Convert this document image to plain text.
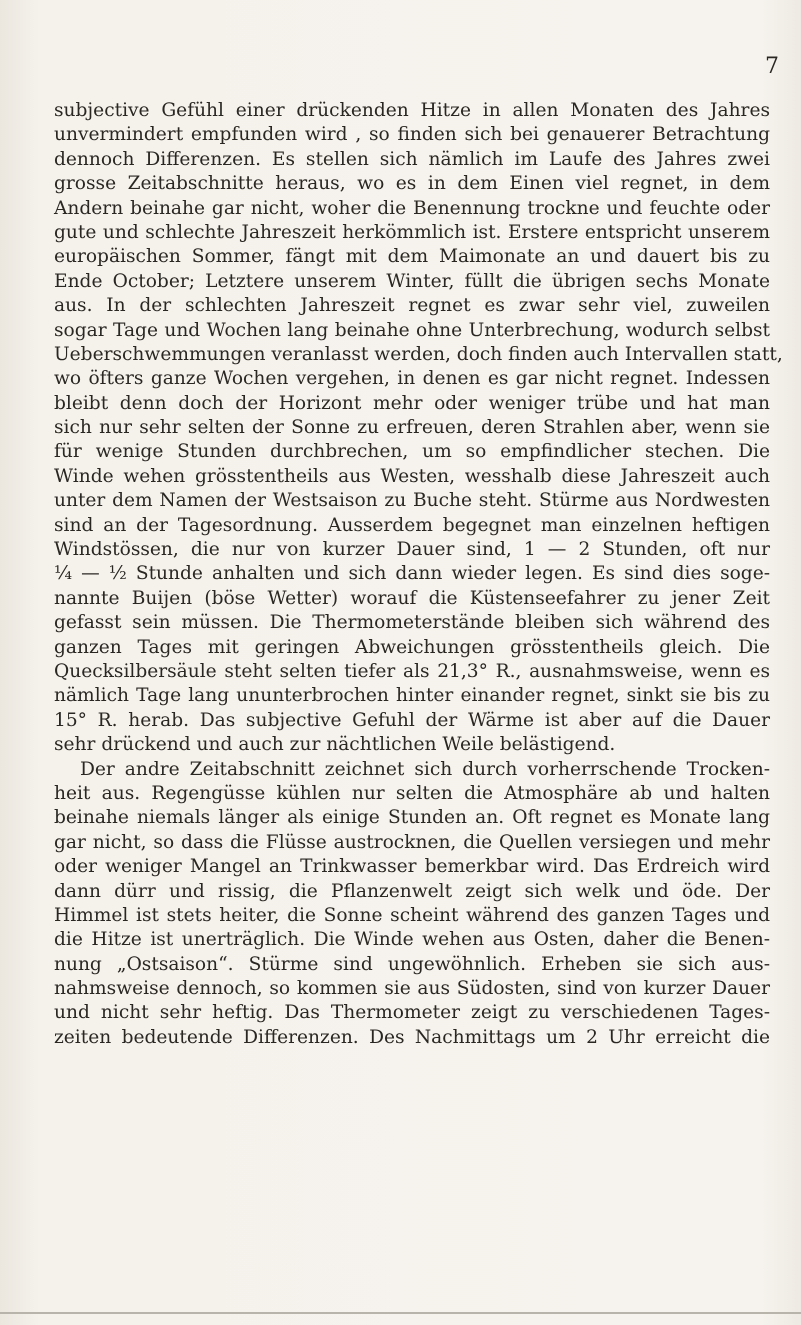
7
subjective Gefühl einer drückenden Hitze in allen Monaten des Jahres
unvermindert empfunden wird , so finden sich bei genauerer Betrachtung
dennoch Differenzen. Es stellen sich nämlich im Laufe des Jahres zwei
grosse Zeitabschnitte heraus, wo es in dem Einen viel regnet, in dem
Andern beinahe gar nicht, woher die Benennung trockne und feuchte oder
gute und schlechte Jahreszeit herkömmlich ist. Erstere entspricht unserem
europäischen Sommer, fängt mit dem Maimonate an und dauert bis zu
Ende October; Letztere unserem Winter, füllt die übrigen sechs Monate
aus. In der schlechten Jahreszeit regnet es zwar sehr viel, zuweilen
sogar Tage und Wochen lang beinahe ohne Unterbrechung, wodurch selbst
Ueberschwemmungen veranlasst werden, doch finden auch Intervallen statt,
wo öfters ganze Wochen vergehen, in denen es gar nicht regnet. Indessen
bleibt denn doch der Horizont mehr oder weniger trübe und hat man
sich nur sehr selten der Sonne zu erfreuen, deren Strahlen aber, wenn sie
für wenige Stunden durchbrechen, um so empfindlicher stechen. Die
Winde wehen grösstentheils aus Westen, wesshalb diese Jahreszeit auch
unter dem Namen der Westsaison zu Buche steht. Stürme aus Nordwesten
sind an der Tagesordnung. Ausserdem begegnet man einzelnen heftigen
Windstössen, die nur von kurzer Dauer sind, 1 — 2 Stunden, oft nur
¼ — ½ Stunde anhalten und sich dann wieder legen. Es sind dies soge-
nannte Buijen (böse Wetter) worauf die Küstenseefahrer zu jener Zeit
gefasst sein müssen. Die Thermometerstände bleiben sich während des
ganzen Tages mit geringen Abweichungen grösstentheils gleich. Die
Quecksilbersäule steht selten tiefer als 21,3° R., ausnahmsweise, wenn es
nämlich Tage lang ununterbrochen hinter einander regnet, sinkt sie bis zu
15° R. herab. Das subjective Gefuhl der Wärme ist aber auf die Dauer
sehr drückend und auch zur nächtlichen Weile belästigend.
Der andre Zeitabschnitt zeichnet sich durch vorherrschende Trocken-
heit aus. Regengüsse kühlen nur selten die Atmosphäre ab und halten
beinahe niemals länger als einige Stunden an. Oft regnet es Monate lang
gar nicht, so dass die Flüsse austrocknen, die Quellen versiegen und mehr
oder weniger Mangel an Trinkwasser bemerkbar wird. Das Erdreich wird
dann dürr und rissig, die Pflanzenwelt zeigt sich welk und öde. Der
Himmel ist stets heiter, die Sonne scheint während des ganzen Tages und
die Hitze ist unerträglich. Die Winde wehen aus Osten, daher die Benen-
nung „Ostsaison“. Stürme sind ungewöhnlich. Erheben sie sich aus-
nahmsweise dennoch, so kommen sie aus Südosten, sind von kurzer Dauer
und nicht sehr heftig. Das Thermometer zeigt zu verschiedenen Tages-
zeiten bedeutende Differenzen. Des Nachmittags um 2 Uhr erreicht die
